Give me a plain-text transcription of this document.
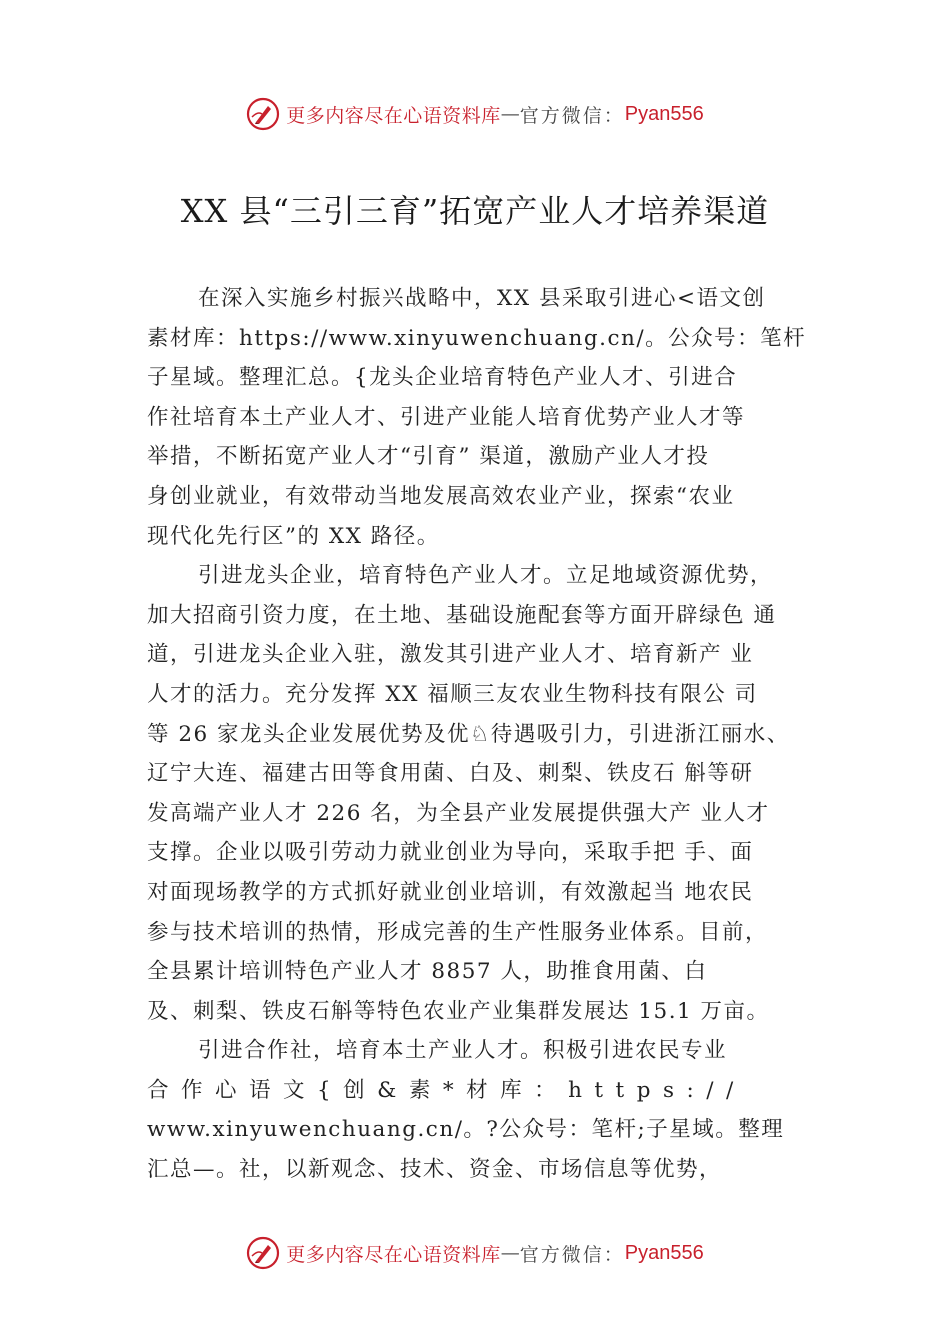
更多内容尽在心语资料库 — 官方微信： Pyan556
XX 县“三引三育”拓宽产业人才培养渠道
在深入实施乡村振兴战略中，XX 县采取引进心<语文创
素材库：https://www.xinyuwenchuang.cn/。公众号：笔杆
子星域。整理汇总。{龙头企业培育特色产业人才、引进合
作社培育本土产业人才、引进产业能人培育优势产业人才等
举措，不断拓宽产业人才“引育” 渠道，激励产业人才投
身创业就业，有效带动当地发展高效农业产业，探索“农业
现代化先行区”的 XX 路径。
引进龙头企业，培育特色产业人才。立足地域资源优势，
加大招商引资力度，在土地、基础设施配套等方面开辟绿色 通
道，引进龙头企业入驻，激发其引进产业人才、培育新产 业
人才的活力。充分发挥 XX 福顺三友农业生物科技有限公 司
等 26 家龙头企业发展优势及优♘待遇吸引力，引进浙江丽水、
辽宁大连、福建古田等食用菌、白及、刺梨、铁皮石 斛等研
发高端产业人才 226 名，为全县产业发展提供强大产 业人才
支撑。企业以吸引劳动力就业创业为导向，采取手把 手、面
对面现场教学的方式抓好就业创业培训，有效激起当 地农民
参与技术培训的热情，形成完善的生产性服务业体系。目前，
全县累计培训特色产业人才 8857 人，助推食用菌、白
及、刺梨、铁皮石斛等特色农业产业集群发展达 15.1 万亩。
引进合作社，培育本土产业人才。积极引进农民专业
合作心语文{创&素*材库：https://
www.xinyuwenchuang.cn/。?公众号：笔杆;子星域。整理
汇总—。社，以新观念、技术、资金、市场信息等优势，
更多内容尽在心语资料库 — 官方微信： Pyan556
